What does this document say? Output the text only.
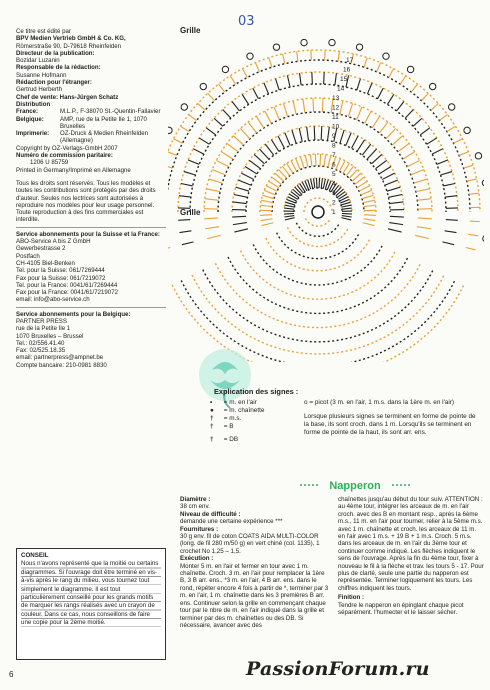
03
Ce titre est édité par
BPV Medien Vertrieb GmbH & Co. KG,
Römerstraße 90, D-79618 Rheinfelden
Directeur de la publication:
Bozidar Luzanin
Responsable de la rédaction:
Susanne Hofmann
Rédaction pour l'étranger:
Gertrud Herberth
Chef de vente: Hans-Jürgen Schatz
Distribution
France:	M.L.P., F-38070 St.-Quentin-Fallavier
Belgique:	AMP, rue de la Petite Ile 1, 1070 Bruxelles
Imprimerie:	OZ-Druck & Medien Rheinfelden (Allemagne)
Copyright by OZ-Verlags-GmbH 2007
Numéro de commission paritaire:
1206 U 85759
Printed in Germany/Imprimé en Allemagne
Tous les droits sont réservés. Tous les modèles et toutes les contributions sont protégés par des droits d'auteur. Seules nos lectrices sont autorisées à reproduire nos modèles pour leur usage personnel. Toute reproduction à des fins commerciales est interdite.
Service abonnements pour la Suisse et la France:
ABO-Service A bis Z GmbH
Gewerbestrasse 2
Postfach
CH-4105 Biel-Benken
Tel. pour la Suisse: 061/7269444
Fax pour la Suisse: 061/7219072
Tel. pour la France: 0041/61/7269444
Fax pour la France: 0041/61/7219072
email: info@abo-service.ch
Service abonnements pour la Belgique:
PARTNER PRESS
rue de la Petite Ile 1
1070 Bruxelles – Brussel
Tel.: 02/556.41.40
Fax: 02/525.18.35
email: partnerpress@ampnet.be
Compte bancaire: 210-0981 8830
CONSEIL
Nous n'avons représenté que la moitié ou certains diagrammes. Si l'ouvrage doit être terminé en vis-à-vis après le rang du milieu, vous tournez tout simplement le diagramme. Il est tout particulièrement conseillé pour les grands motifs de marquer les rangs réalisés avec un crayon de couleur. Dans ce cas, nous conseillons de faire une copie pour la 2ème moitié.
6
Grille
Grille
17
16
15
14
13
12
11
10
9
8
7
6
5
4
3
2
1
Explication des signes :
• = m. en l'air
● = m. chaînette
† = m.s.
† = B
† = DB
o = picot (3 m. en l'air, 1 m.s. dans la 1ère m. en l'air)
Lorsque plusieurs signes se terminent en forme de pointe de la base, ils sont croch. dans 1 m. Lorsqu'ils se terminent en forme de pointe de la haut, ils sont arr. ens.
Napperon
Diamètre :
38 cm env.
Niveau de difficulté :
demande une certaine expérience ***
Fournitures :
30 g env. fil de coton COATS AIDA MULTI-COLOR (long. de fil 280 m/50 g) en vert chiné (col. 1135), 1 crochet No 1,25 – 1,5.
Exécution :
Monter 5 m. en l'air et fermer en tour avec 1 m. chaînette. Croch. 3 m. en l'air pour remplacer la 1ère B, 3 B arr. ens., *3 m. en l'air, 4 B arr. ens. dans le rond, répéter encore 4 fois à partir de *, terminer par 3 m. en l'air, 1 m. chaînette dans les 3 premières B arr. ens. Continuer selon la grille en commençant chaque tour par le nbre de m. en l'air indiqué dans la grille et terminer par des m. chaînettes ou des DB. Si nécessaire, avancer avec des
chaînettes jusqu'au début du tour suiv. ATTENTION : au 4ème tour, intégrer les arceaux de m. en l'air croch. avec des B en montant resp., après la 6ème m.s., 11 m. en l'air pour tourner, relier à la 5ème m.s. avec 1 m. chaînette et croch. les arceaux de 11 m. en l'air avec 1 m.s. + 19 B + 1 m.s. Croch. 5 m.s. dans les arceaux de m. en l'air du 3ème tour et continuer comme indiqué. Les flèches indiquent le sens de l'ouvrage. Après la fin du 4ème tour, fixer à nouveau le fil à la flèche et trav. les tours 5 - 17. Pour plus de clarté, seule une partie du napperon est représentée. Terminer logiquement les tours. Les chiffres indiquent les tours.
Finition :
Tendre le napperon en épinglant chaque picot séparément. l'humecter et le laisser sécher.
PassionForum.ru
